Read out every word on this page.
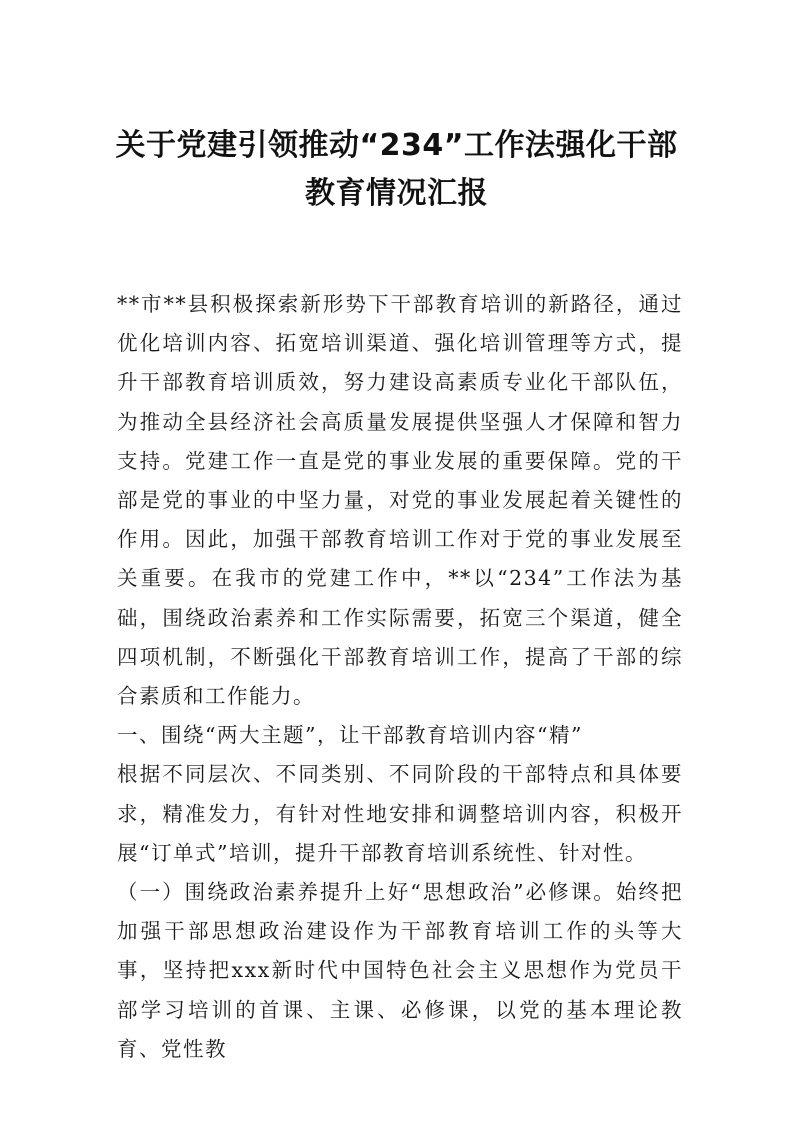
关于党建引领推动“234”工作法强化干部
教育情况汇报

**市**县积极探索新形势下干部教育培训的新路径，通过优化培训内容、拓宽培训渠道、强化培训管理等方式，提升干部教育培训质效，努力建设高素质专业化干部队伍，为推动全县经济社会高质量发展提供坚强人才保障和智力支持。党建工作一直是党的事业发展的重要保障。党的干部是党的事业的中坚力量，对党的事业发展起着关键性的作用。因此，加强干部教育培训工作对于党的事业发展至关重要。在我市的党建工作中，**以“234”工作法为基础，围绕政治素养和工作实际需要，拓宽三个渠道，健全四项机制，不断强化干部教育培训工作，提高了干部的综合素质和工作能力。

一、围绕“两大主题”，让干部教育培训内容“精”

根据不同层次、不同类别、不同阶段的干部特点和具体要求，精准发力，有针对性地安排和调整培训内容，积极开展“订单式”培训，提升干部教育培训系统性、针对性。

（一）围绕政治素养提升上好“思想政治”必修课。始终把加强干部思想政治建设作为干部教育培训工作的头等大事，坚持把xxx新时代中国特色社会主义思想作为党员干部学习培训的首课、主课、必修课，以党的基本理论教育、党性教
